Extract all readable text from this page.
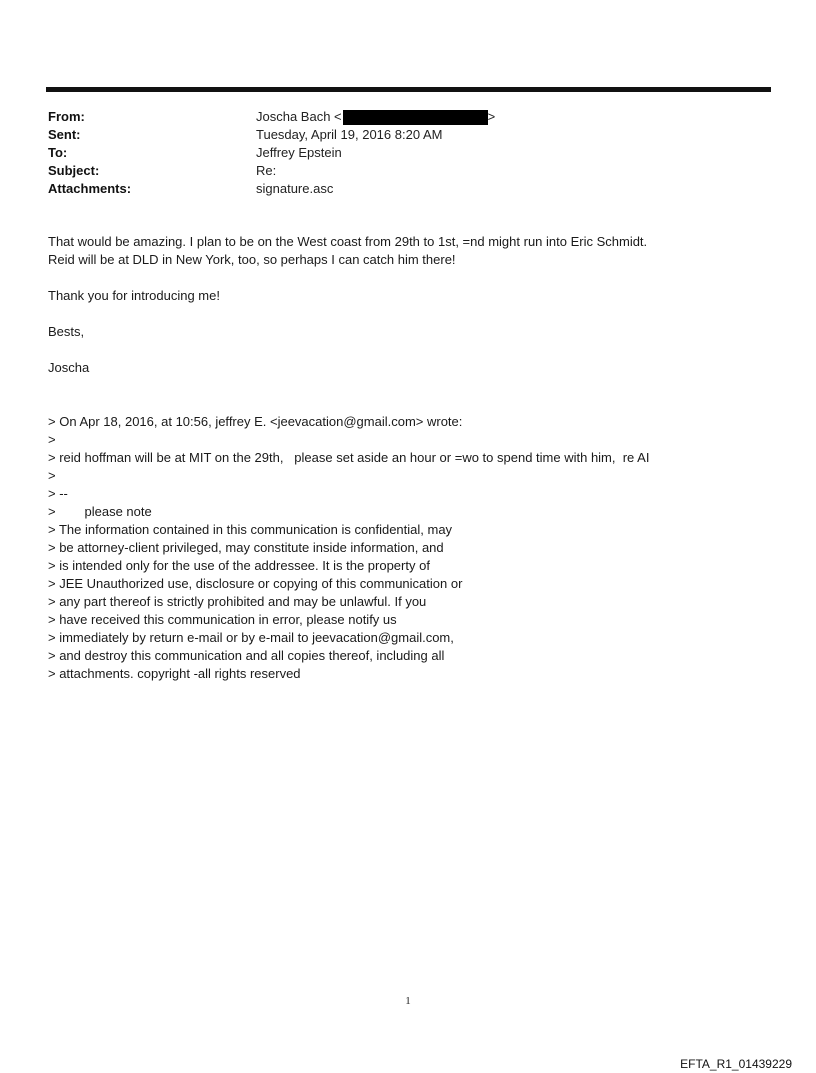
From:	Joscha Bach <	>
Sent:	Tuesday, April 19, 2016 8:20 AM
To:	Jeffrey Epstein
Subject:	Re:
Attachments:	signature.asc
That would be amazing. I plan to be on the West coast from 29th to 1st, =nd might run into Eric Schmidt.
Reid will be at DLD in New York, too, so perhaps I can catch him there!
Thank you for introducing me!
Bests,
Joscha
> On Apr 18, 2016, at 10:56, jeffrey E. <jeevacation@gmail.com> wrote:
>
> reid hoffman will be at MIT on the 29th,   please set aside an hour or =wo to spend time with him,  re AI
>
> --
>        please note
> The information contained in this communication is confidential, may
> be attorney-client privileged, may constitute inside information, and
> is intended only for the use of the addressee. It is the property of
> JEE Unauthorized use, disclosure or copying of this communication or
> any part thereof is strictly prohibited and may be unlawful. If you
> have received this communication in error, please notify us
> immediately by return e-mail or by e-mail to jeevacation@gmail.com,
> and destroy this communication and all copies thereof, including all
> attachments. copyright -all rights reserved
1
EFTA_R1_01439229
